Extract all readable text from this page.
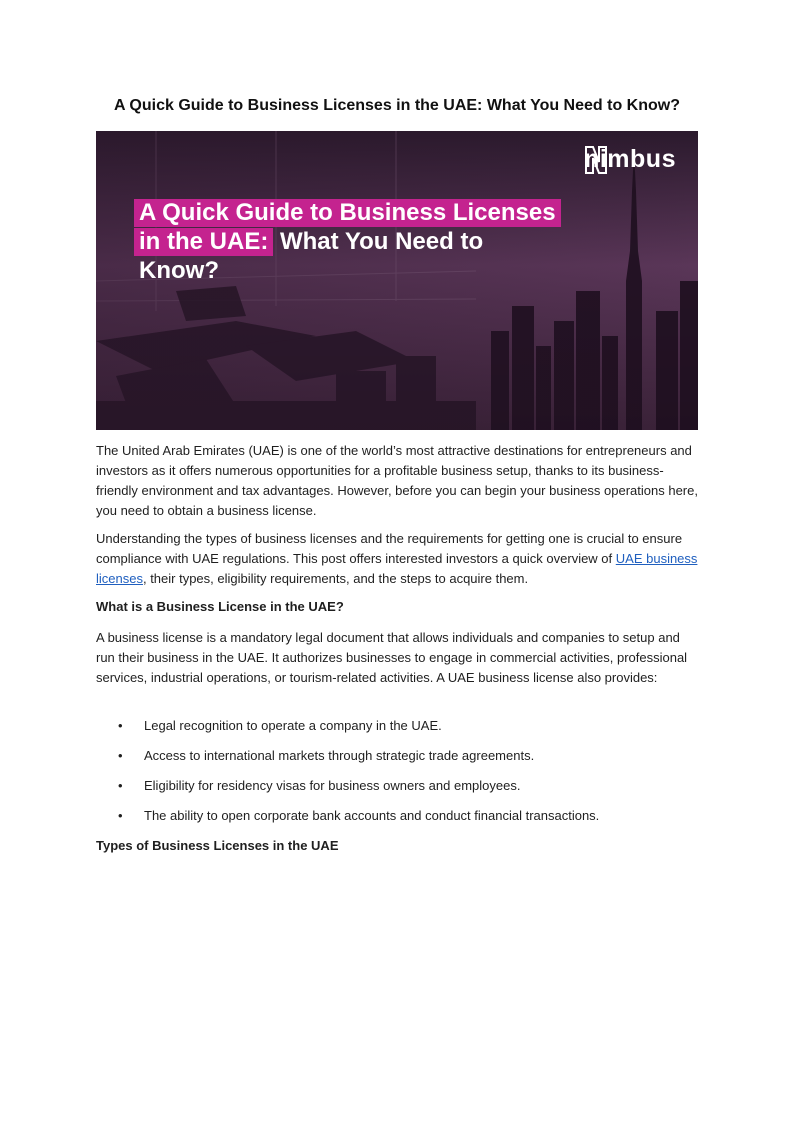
A Quick Guide to Business Licenses in the UAE: What You Need to Know?
nimbus
A Quick Guide to Business Licenses
in the UAE: What You Need to
Know?

The United Arab Emirates (UAE) is one of the world’s most attractive destinations for entrepreneurs and investors as it offers numerous opportunities for a profitable business setup, thanks to its business-friendly environment and tax advantages. However, before you can begin your business operations here, you need to obtain a business license.

Understanding the types of business licenses and the requirements for getting one is crucial to ensure compliance with UAE regulations. This post offers interested investors a quick overview of UAE business licenses, their types, eligibility requirements, and the steps to acquire them.

What is a Business License in the UAE?

A business license is a mandatory legal document that allows individuals and companies to setup and run their business in the UAE. It authorizes businesses to engage in commercial activities, professional services, industrial operations, or tourism-related activities. A UAE business license also provides:

• Legal recognition to operate a company in the UAE.
• Access to international markets through strategic trade agreements.
• Eligibility for residency visas for business owners and employees.
• The ability to open corporate bank accounts and conduct financial transactions.
Types of Business Licenses in the UAE
